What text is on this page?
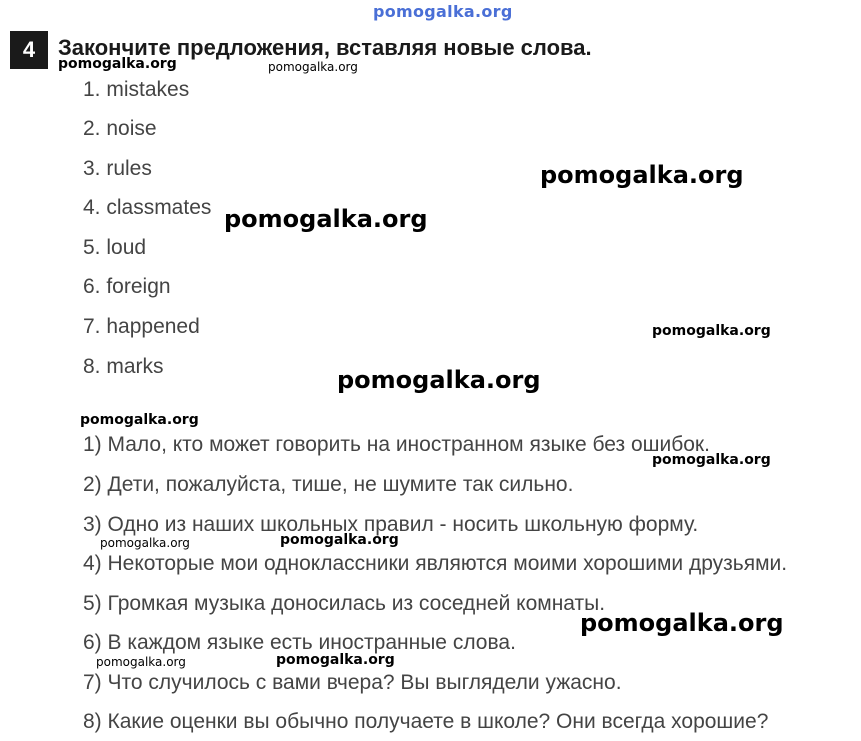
pomogalka.org
4	Закончите предложения, вставляя новые слова.
1. mistakes
2. noise
3. rules
4. classmates
5. loud
6. foreign
7. happened
8. marks
1) Мало, кто может говорить на иностранном языке без ошибок.
2) Дети, пожалуйста, тише, не шумите так сильно.
3) Одно из наших школьных правил - носить школьную форму.
4) Некоторые мои одноклассники являются моими хорошими друзьями.
5) Громкая музыка доносилась из соседней комнаты.
6) В каждом языке есть иностранные слова.
7) Что случилось с вами вчера? Вы выглядели ужасно.
8) Какие оценки вы обычно получаете в школе? Они всегда хорошие?
pomogalka.org	pomogalka.org
pomogalka.org
pomogalka.org
pomogalka.org
pomogalka.org
pomogalka.org
pomogalka.org
pomogalka.org	pomogalka.org
pomogalka.org
pomogalka.org	pomogalka.org
